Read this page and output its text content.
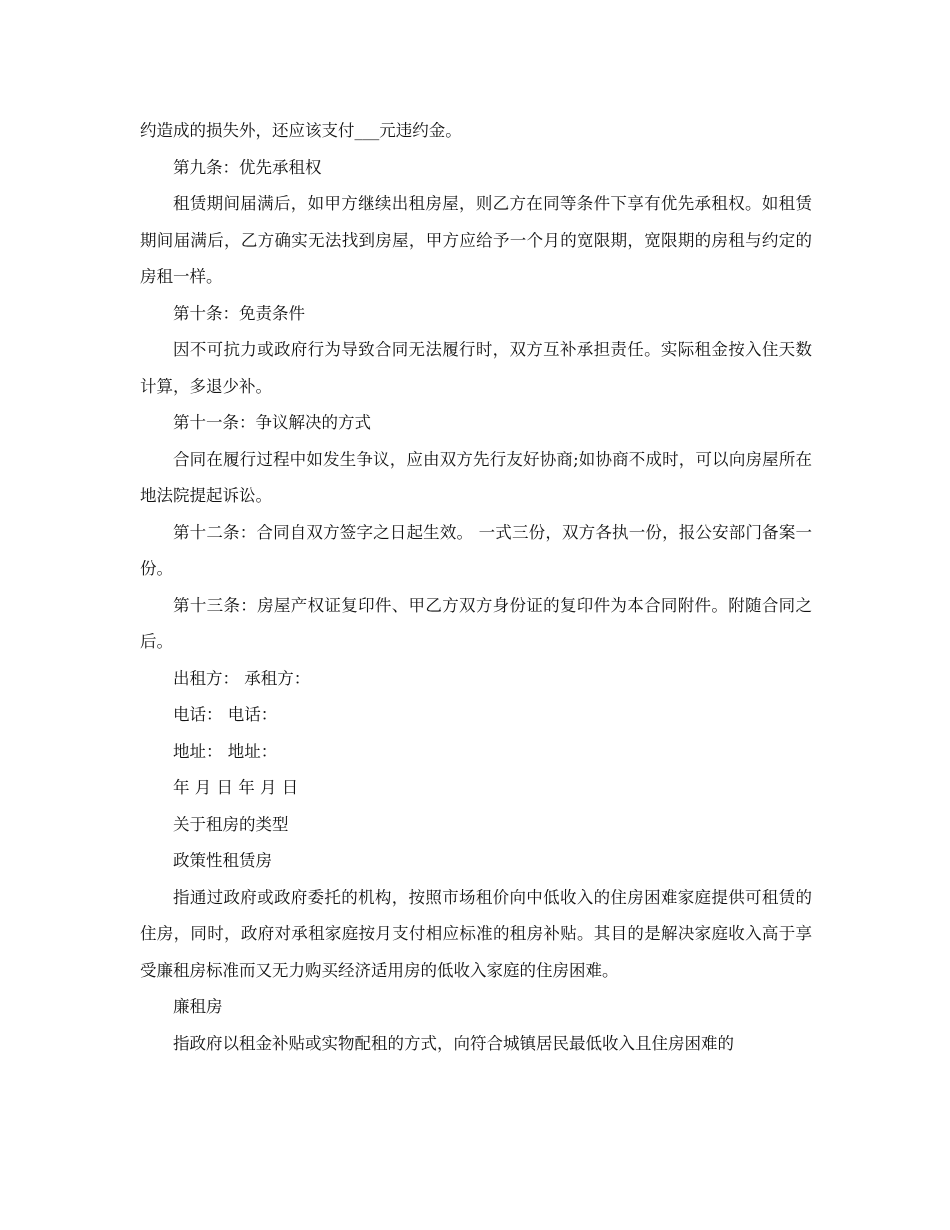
约造成的损失外，还应该支付___元违约金。

第九条：优先承租权

租赁期间届满后，如甲方继续出租房屋，则乙方在同等条件下享有优先承租权。如租赁期间届满后，乙方确实无法找到房屋，甲方应给予一个月的宽限期，宽限期的房租与约定的房租一样。

第十条：免责条件

因不可抗力或政府行为导致合同无法履行时，双方互补承担责任。实际租金按入住天数计算，多退少补。

第十一条：争议解决的方式

合同在履行过程中如发生争议，应由双方先行友好协商;如协商不成时，可以向房屋所在地法院提起诉讼。

第十二条：合同自双方签字之日起生效。 一式三份，双方各执一份，报公安部门备案一份。

第十三条：房屋产权证复印件、甲乙方双方身份证的复印件为本合同附件。附随合同之后。

出租方： 承租方：

电话： 电话：

地址： 地址：

年 月 日 年 月 日

关于租房的类型

政策性租赁房

指通过政府或政府委托的机构，按照市场租价向中低收入的住房困难家庭提供可租赁的住房，同时，政府对承租家庭按月支付相应标准的租房补贴。其目的是解决家庭收入高于享受廉租房标准而又无力购买经济适用房的低收入家庭的住房困难。

廉租房

指政府以租金补贴或实物配租的方式，向符合城镇居民最低收入且住房困难的
